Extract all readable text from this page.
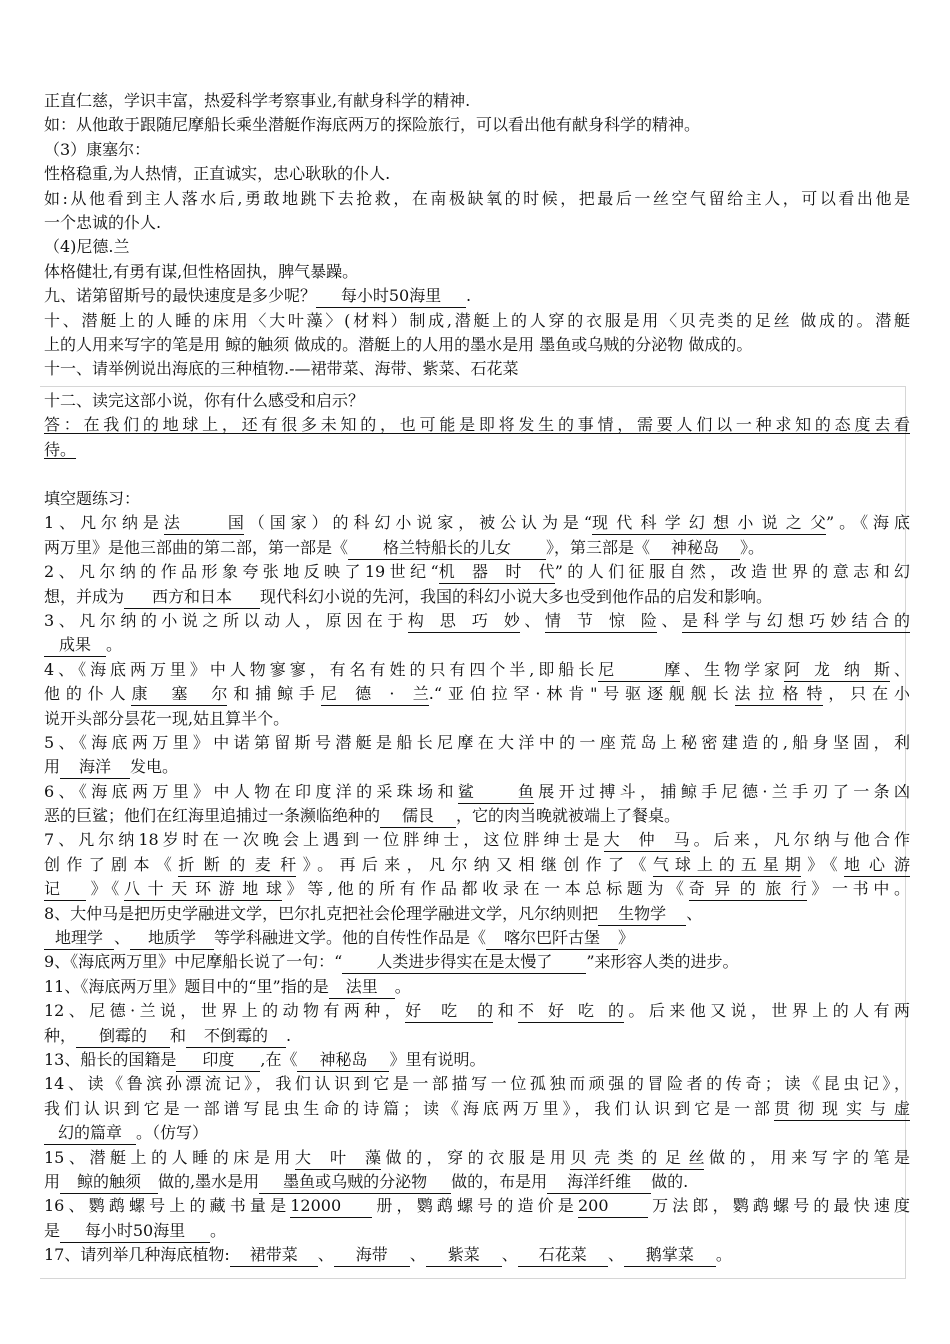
正直仁慈，学识丰富，热爱科学考察事业,有献身科学的精神.
如：从他敢于跟随尼摩船长乘坐潜艇作海底两万的探险旅行，可以看出他有献身科学的精神。
（3）康塞尔：
性格稳重,为人热情，正直诚实，忠心耿耿的仆人.
如:从他看到主人落水后,勇敢地跳下去抢救，在南极缺氧的时候，把最后一丝空气留给主人，可以看出他是
一个忠诚的仆人.
（4)尼德.兰
体格健壮,有勇有谋,但性格固执，脾气暴躁。
九、诺第留斯号的最快速度是多少呢？ 每小时50海里 .
十、潜艇上的人睡的床用〈大叶藻〉(材料）制成,潜艇上的人穿的衣服是用〈贝壳类的足丝 做成的。潜艇
上的人用来写字的笔是用 鲸的触须 做成的。潜艇上的人用的墨水是用 墨鱼或乌贼的分泌物 做成的。
十一、请举例说出海底的三种植物.-—裙带菜、海带、紫菜、石花菜
十二、读完这部小说，你有什么感受和启示？
答：在我们的地球上，还有很多未知的，也可能是即将发生的事情，需要人们以一种求知的态度去看
待。
填空题练习：
1、凡尔纳是法国（国家）的科幻小说家，被公认为是“现代科学幻想小说之父”。《海底
两万里》是他三部曲的第二部，第一部是《 格兰特船长的儿女 》，第三部是《 神秘岛 》。
2、凡尔纳的作品形象夸张地反映了19世纪“机器时代”的人们征服自然，改造世界的意志和幻
想，并成为 西方和日本 现代科幻小说的先河，我国的科幻小说大多也受到他作品的启发和影响。
3、凡尔纳的小说之所以动人，原因在于构思巧妙、情节惊险、是科学与幻想巧妙结合的
成果 。
4、《海底两万里》中人物寥寥，有名有姓的只有四个半,即船长尼摩、生物学家阿龙纳斯、
他的仆人康塞尔和捕鲸手尼德·兰.“亚伯拉罕·林肯"号驱逐舰舰长法拉格特，只在小
说开头部分昙花一现,姑且算半个。
5、《海底两万里》中诺第留斯号潜艇是船长尼摩在大洋中的一座荒岛上秘密建造的,船身坚固，利
用 海洋 发电。
6、《海底两万里》中人物在印度洋的采珠场和鲨鱼展开过搏斗，捕鲸手尼德·兰手刃了一条凶
恶的巨鲨；他们在红海里追捕过一条濒临绝种的 儒艮 ，它的肉当晚就被端上了餐桌。
7、凡尔纳18岁时在一次晚会上遇到一位胖绅士，这位胖绅士是大仲马。后来，凡尔纳与他合作
创作了剧本《折断的麦秆》。再后来，凡尔纳又相继创作了《气球上的五星期》《地心游
记 》《八十天环游地球》等,他的所有作品都收录在一本总标题为《奇异的旅行》一书中。
8、大仲马是把历史学融进文学，巴尔扎克把社会伦理学融进文学，凡尔纳则把 生物学 、
地理学 、 地质学 等学科融进文学。他的自传性作品是《 喀尔巴阡古堡 》
9、《海底两万里》中尼摩船长说了一句：“ 人类进步得实在是太慢了 ”来形容人类的进步。
11、《海底两万里》题目中的“里”指的是 法里 。
12、尼德·兰说，世界上的动物有两种，好吃的和不好吃的。后来他又说，世界上的人有两
种， 倒霉的 和 不倒霉的 .
13、船长的国籍是 印度 ,在《 神秘岛 》里有说明。
14、读《鲁滨孙漂流记》，我们认识到它是一部描写一位孤独而顽强的冒险者的传奇；读《昆虫记》，
我们认识到它是一部谱写昆虫生命的诗篇；读《海底两万里》，我们认识到它是一部贯彻现实与虚
幻的篇章 。（仿写）
15、潜艇上的人睡的床是用大叶藻做的，穿的衣服是用贝壳类的足丝做的，用来写字的笔是
用 鲸的触须 做的,墨水是用 墨鱼或乌贼的分泌物 做的，布是用 海洋纤维 做的.
16、鹦鹉螺号上的藏书量是12000 册，鹦鹉螺号的造价是200 万法郎，鹦鹉螺号的最快速度
是 每小时50海里 。
17、请列举几种海底植物: 裙带菜 、 海带 、 紫菜 、 石花菜 、 鹅掌菜 。
